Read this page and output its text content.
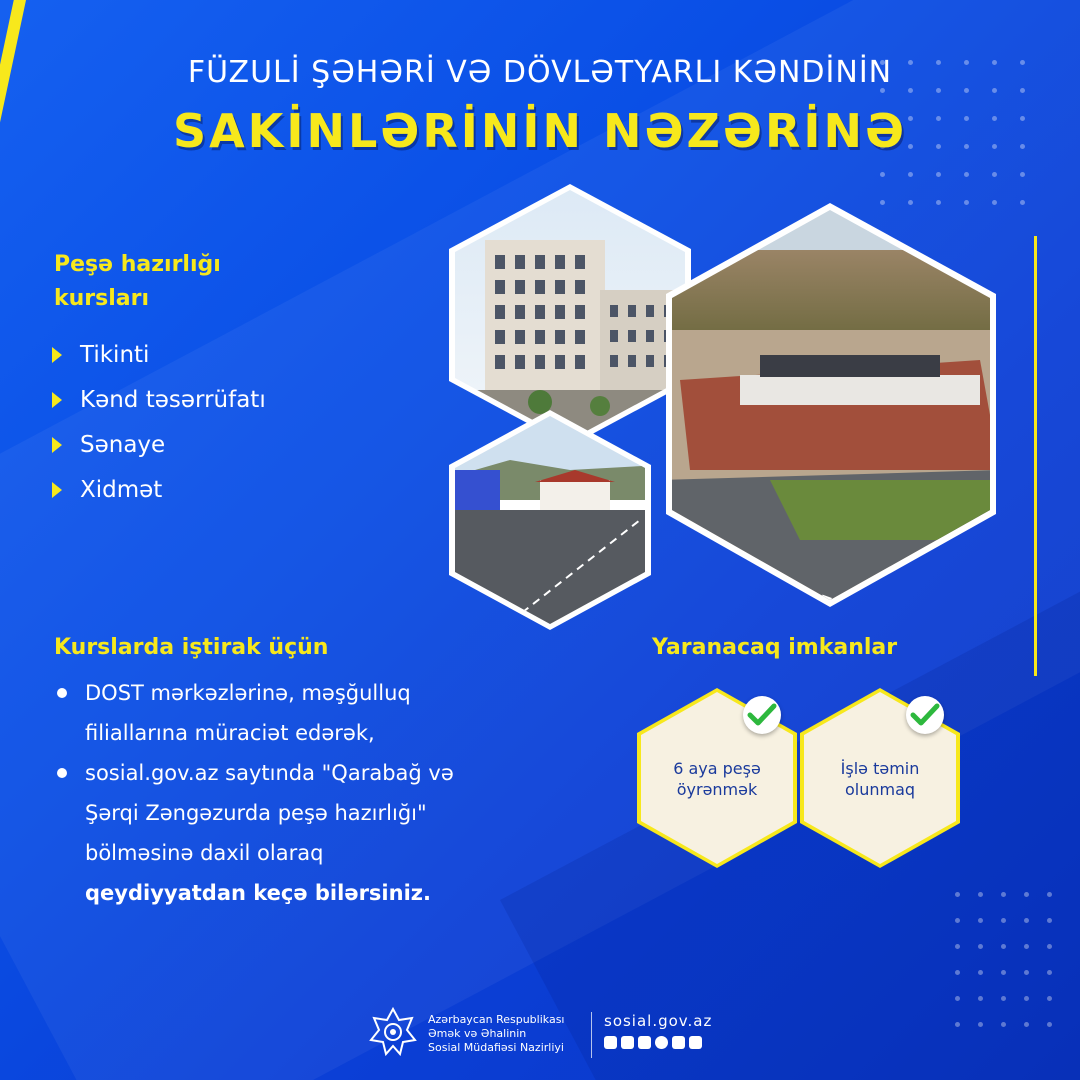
FÜZULİ ŞƏHƏRİ VƏ DÖVLƏTYARLI KƏNDİNİN
SAKİNLƏRİNİN NƏZƏRİNƏ
Peşə hazırlığı
kursları
Tikinti
Kənd təsərrüfatı
Sənaye
Xidmət
Kurslarda iştirak üçün
DOST mərkəzlərinə, məşğulluq
filiallarına müraciət edərək,
sosial.gov.az saytında "Qarabağ və
Şərqi Zəngəzurda peşə hazırlığı"
bölməsinə daxil olaraq
qeydiyyatdan keçə bilərsiniz.
Yaranacaq imkanlar
6 aya peşə
öyrənmək
İşlə təmin
olunmaq
Azərbaycan Respublikası
Əmək və Əhalinin
Sosial Müdafiəsi Nazirliyi
sosial.gov.az
